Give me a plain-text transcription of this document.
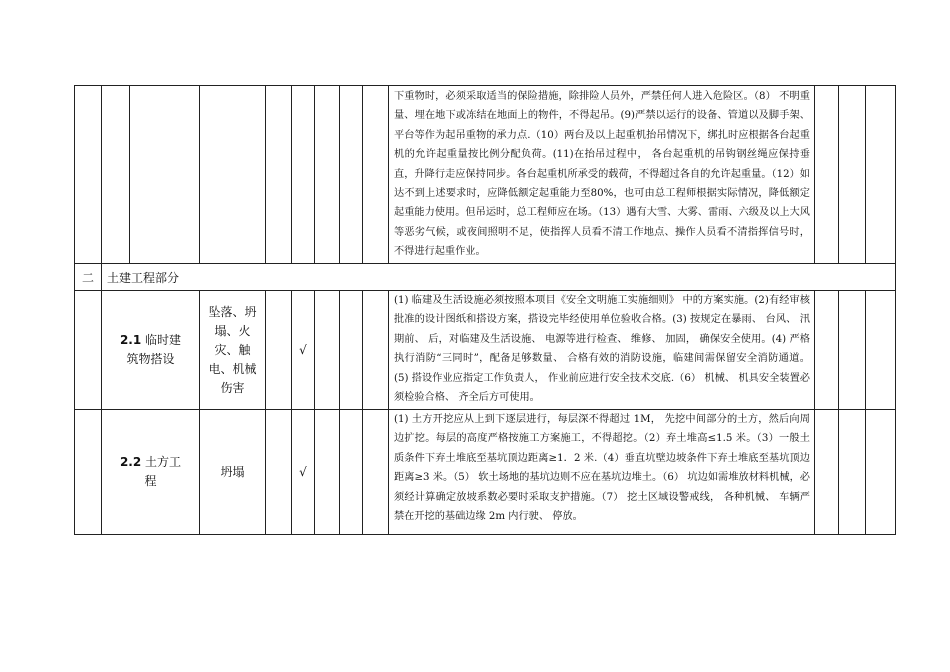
									下重物时，必须采取适当的保险措施，除排险人员外，严禁任何人进入危险区。（8） 不明重量、埋在地下或冻结在地面上的物件，不得起吊。(9)严禁以运行的设备、管道以及脚手架、平台等作为起吊重物的承力点.（10）两台及以上起重机抬吊情况下，绑扎时应根据各台起重机的允许起重量按比例分配负荷。(11)在抬吊过程中， 各台起重机的吊钩钢丝绳应保持垂直，升降行走应保持同步。各台起重机所承受的载荷，不得超过各自的允许起重量。（12）如达不到上述要求时，应降低额定起重能力至80%，也可由总工程师根据实际情况，降低额定起重能力使用。但吊运时，总工程师应在场。（13）遇有大雪、大雾、雷雨、六级及以上大风等恶劣气候，或夜间照明不足，使指挥人员看不清工作地点、操作人员看不清指挥信号时，不得进行起重作业。			
二	土建工程部分											

	2.1 临时建筑物搭设		坠落、坍塌、火灾、触电、机械伤害		√				(1) 临建及生活设施必须按照本项目《安全文明施工实施细则》 中的方案实施。(2)有经审核批准的设计图纸和搭设方案，搭设完毕经使用单位验收合格。(3) 按规定在暴雨、 台风、 汛期前、 后，对临建及生活设施、 电源等进行检查、 维修、 加固， 确保安全使用。(4) 严格执行消防“三同时”，配备足够数量、 合格有效的消防设施，临建间需保留安全消防通道。 (5) 搭设作业应指定工作负责人， 作业前应进行安全技术交底.（6） 机械、 机具安全装置必须检验合格、 齐全后方可使用。			

	2.2 土方工程		坍塌		√				(1) 土方开挖应从上到下逐层进行，每层深不得超过 1M， 先挖中间部分的土方，然后向周边扩挖。每层的高度严格按施工方案施工，不得超挖。（2）弃土堆高≤1.5 米。（3）一般土质条件下弃土堆底至基坑顶边距离≥1．2 米.（4）垂直坑壁边坡条件下弃土堆底至基坑顶边距离≥3 米。（5） 软土场地的基坑边则不应在基坑边堆土。（6） 坑边如需堆放材料机械，必须经计算确定放坡系数必要时采取支护措施。（7） 挖土区域设警戒线， 各种机械、 车辆严禁在开挖的基础边缘 2m 内行驶、 停放。			
